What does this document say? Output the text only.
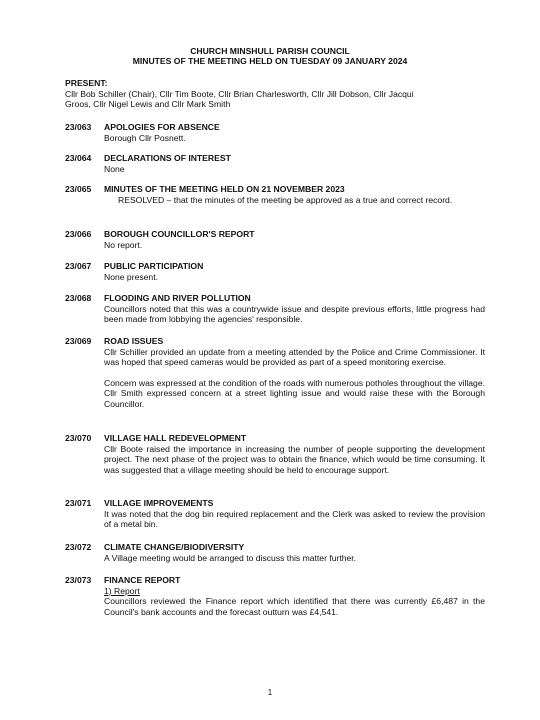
CHURCH MINSHULL PARISH COUNCIL
MINUTES OF THE MEETING HELD ON TUESDAY 09 JANUARY 2024
PRESENT:
Cllr Bob Schiller (Chair), Cllr Tim Boote, Cllr Brian Charlesworth, Cllr Jill Dobson, Cllr Jacqui
Groos, Cllr Nigel Lewis and Cllr Mark Smith
23/063 APOLOGIES FOR ABSENCE

Borough Cllr Posnett.

23/064 DECLARATIONS OF INTEREST

None

23/065 MINUTES OF THE MEETING HELD ON 21 NOVEMBER 2023

RESOLVED – that the minutes of the meeting be approved as a true and correct record.

23/066 BOROUGH COUNCILLOR'S REPORT

No report.

23/067 PUBLIC PARTICIPATION

None present.

23/068 FLOODING AND RIVER POLLUTION

Councillors noted that this was a countrywide issue and despite previous efforts, little progress had been made from lobbying the agencies' responsible.

23/069 ROAD ISSUES

Cllr Schiller provided an update from a meeting attended by the Police and Crime Commissioner. It was hoped that speed cameras would be provided as part of a speed monitoring exercise.

Concern was expressed at the condition of the roads with numerous potholes throughout the village. Cllr Smith expressed concern at a street lighting issue and would raise these with the Borough Councillor.

23/070 VILLAGE HALL REDEVELOPMENT

Cllr Boote raised the importance in increasing the number of people supporting the development project. The next phase of the project was to obtain the finance, which would be time consuming. It was suggested that a village meeting should be held to encourage support.

23/071 VILLAGE IMPROVEMENTS

It was noted that the dog bin required replacement and the Clerk was asked to review the provision of a metal bin.

23/072 CLIMATE CHANGE/BIODIVERSITY

A Village meeting would be arranged to discuss this matter further.

23/073 FINANCE REPORT
1) Report

Councillors reviewed the Finance report which identified that there was currently £6,487 in the Council's bank accounts and the forecast outturn was £4,541.

1
